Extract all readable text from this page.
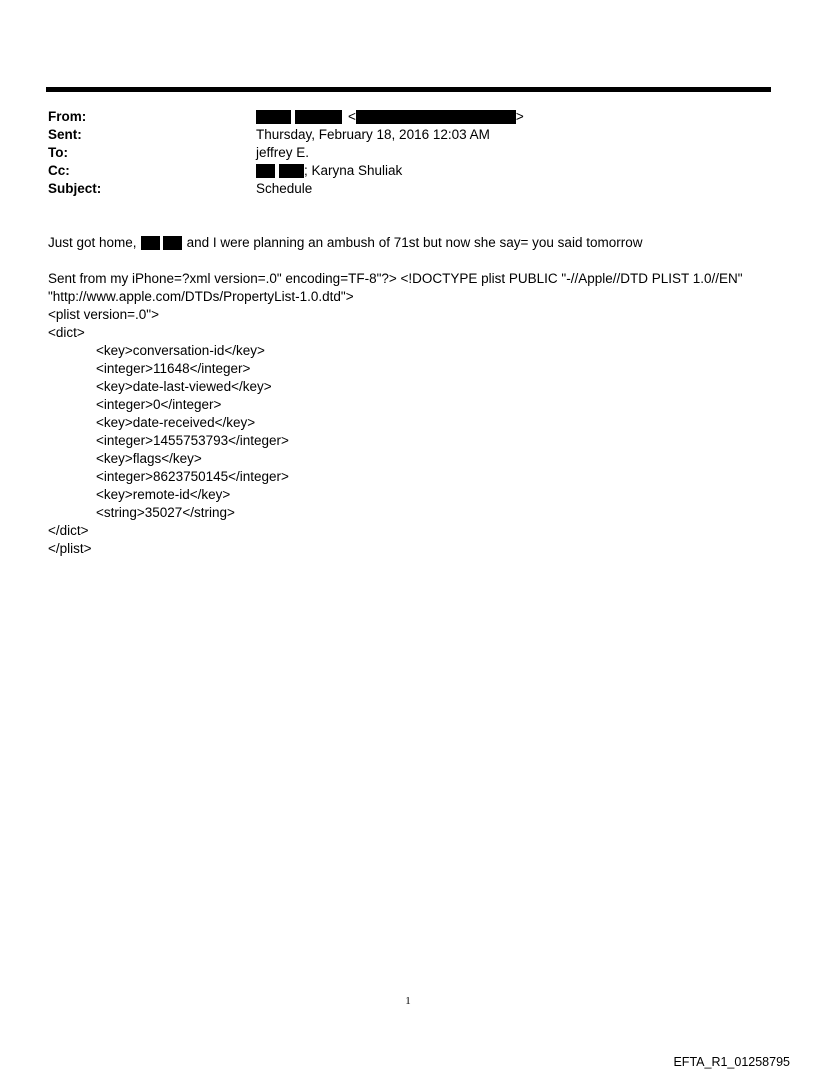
From:	<	>
Sent:	Thursday, February 18, 2016 12:03 AM
To:	jeffrey E.
Cc:	; Karyna Shuliak
Subject:	Schedule
Just got home,	and I were planning an ambush of 71st but now she say= you said tomorrow
Sent from my iPhone=?xml version=.0" encoding=TF-8"?> <!DOCTYPE plist PUBLIC "-//Apple//DTD PLIST 1.0//EN"
"http://www.apple.com/DTDs/PropertyList-1.0.dtd">
<plist version=.0">
<dict>
<key>conversation-id</key>
<integer>11648</integer>
<key>date-last-viewed</key>
<integer>0</integer>
<key>date-received</key>
<integer>1455753793</integer>
<key>flags</key>
<integer>8623750145</integer>
<key>remote-id</key>
<string>35027</string>
</dict>
</plist>
1
EFTA_R1_01258795
